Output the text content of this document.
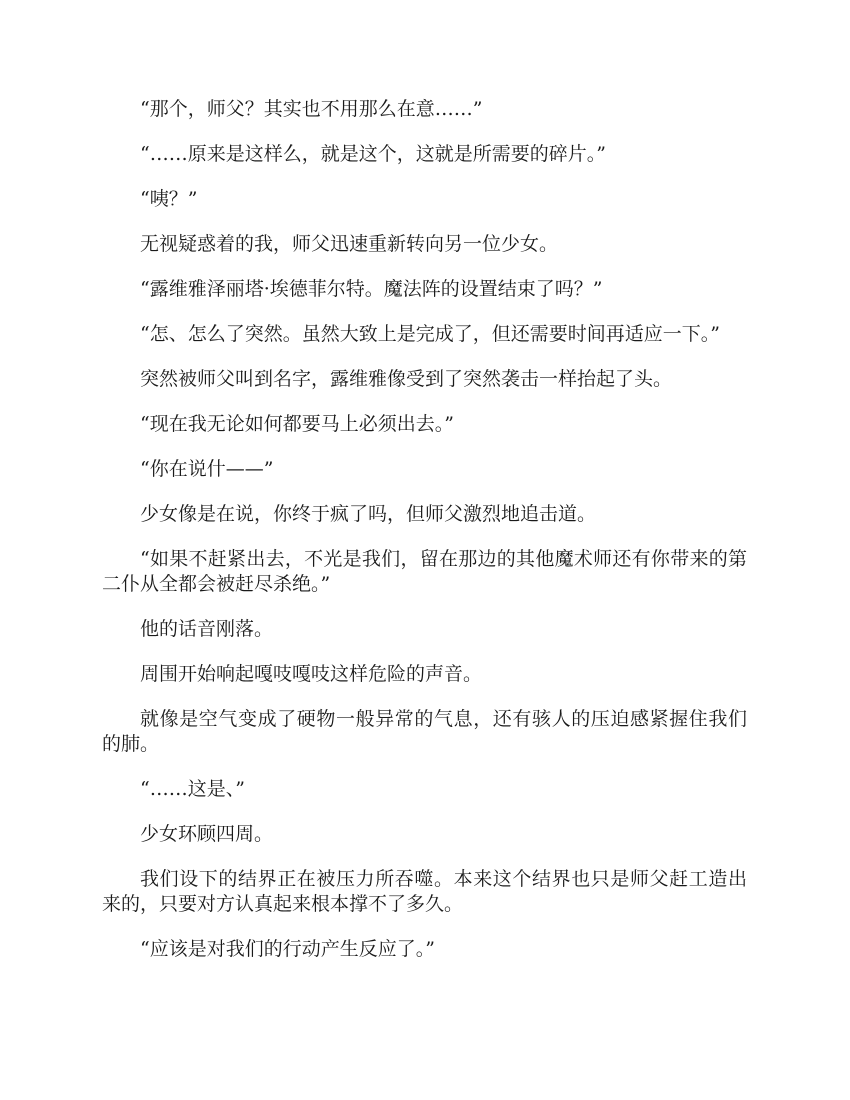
“那个，师父？其实也不用那么在意……”

“……原来是这样么，就是这个，这就是所需要的碎片。”

“咦？”

无视疑惑着的我，师父迅速重新转向另一位少女。

“露维雅泽丽塔·埃德菲尔特。魔法阵的设置结束了吗？”

“怎、怎么了突然。虽然大致上是完成了，但还需要时间再适应一下。”

突然被师父叫到名字，露维雅像受到了突然袭击一样抬起了头。

“现在我无论如何都要马上必须出去。”

“你在说什——”

少女像是在说，你终于疯了吗，但师父激烈地追击道。

“如果不赶紧出去，不光是我们，留在那边的其他魔术师还有你带来的第二仆从全都会被赶尽杀绝。”

他的话音刚落。

周围开始响起嘎吱嘎吱这样危险的声音。

就像是空气变成了硬物一般异常的气息，还有骇人的压迫感紧握住我们的肺。

“……这是、”

少女环顾四周。

我们设下的结界正在被压力所吞噬。本来这个结界也只是师父赶工造出来的，只要对方认真起来根本撑不了多久。

“应该是对我们的行动产生反应了。”
